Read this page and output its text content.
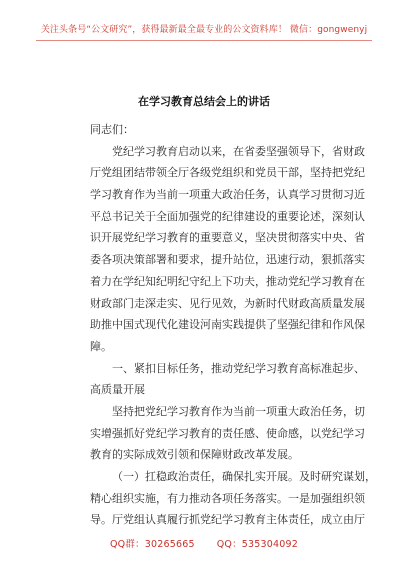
关注头条号“公文研究”，获得最新最全最专业的公文资料库！ 微信：gongwenyj
在学习教育总结会上的讲话
同志们：
党纪学习教育启动以来，在省委坚强领导下，省财政
厅党组团结带领全厅各级党组织和党员干部，坚持把党纪
学习教育作为当前一项重大政治任务，认真学习贯彻习近
平总书记关于全面加强党的纪律建设的重要论述，深刻认
识开展党纪学习教育的重要意义，坚决贯彻落实中央、省
委各项决策部署和要求，提升站位，迅速行动，狠抓落实
着力在学纪知纪明纪守纪上下功夫，推动党纪学习教育在
财政部门走深走实、见行见效，为新时代财政高质量发展
助推中国式现代化建设河南实践提供了坚强纪律和作风保
障。
一、紧扣目标任务，推动党纪学习教育高标准起步、
高质量开展
坚持把党纪学习教育作为当前一项重大政治任务，切
实增强抓好党纪学习教育的责任感、使命感，以党纪学习
教育的实际成效引领和保障财政改革发展。
（一）扛稳政治责任，确保扎实开展。及时研究谋划，
精心组织实施，有力推动各项任务落实。一是加强组织领
导。厅党组认真履行抓党纪学习教育主体责任，成立由厅
QQ群：30265665 QQ：535304092
